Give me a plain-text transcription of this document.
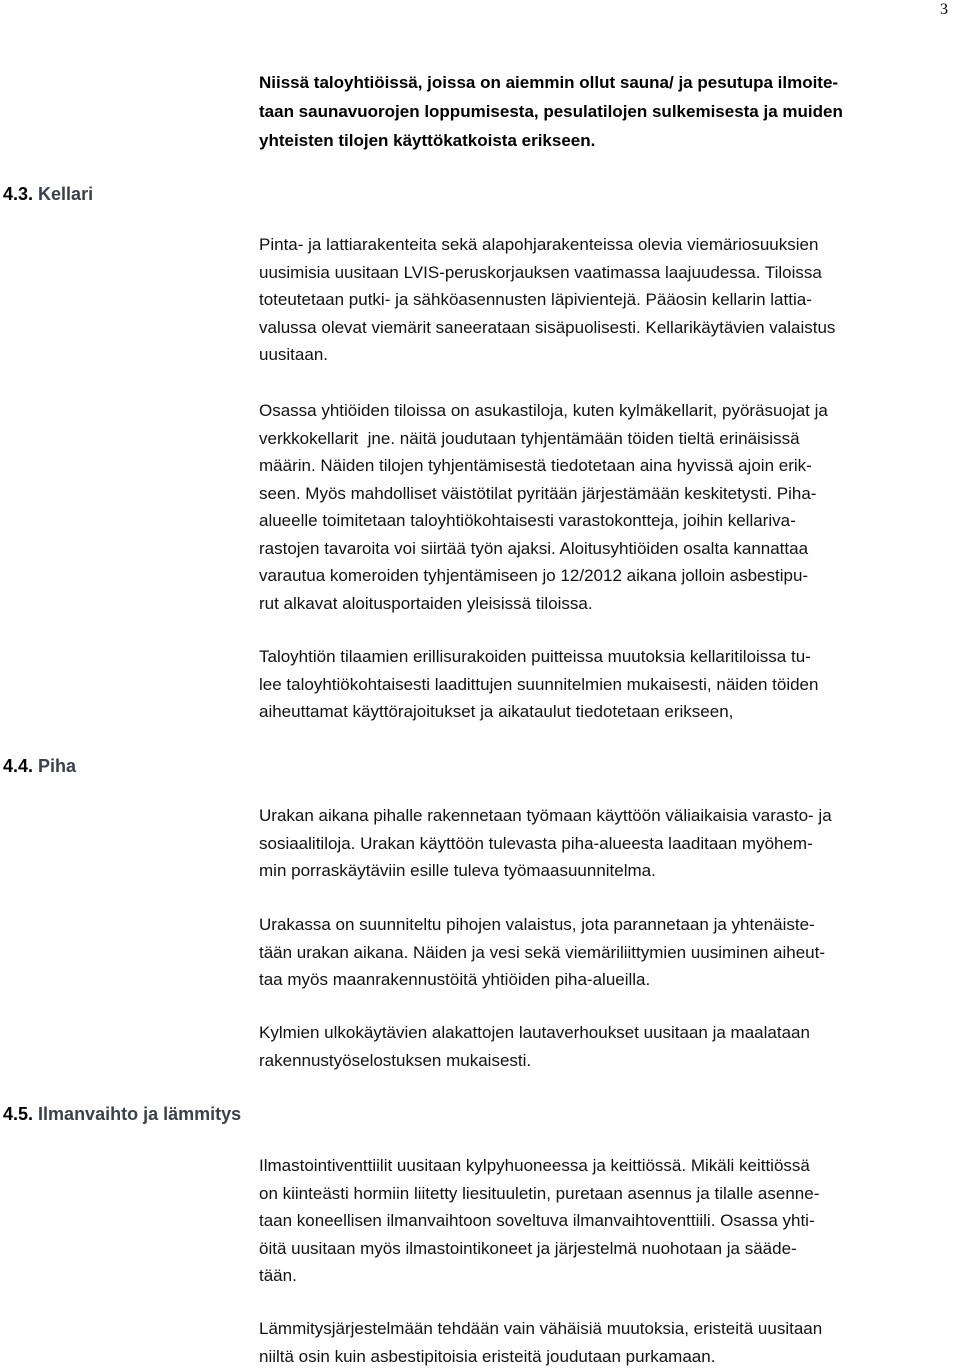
3
Niissä taloyhtiöissä, joissa on aiemmin ollut sauna/ ja pesutupa ilmoite-
taan saunavuorojen loppumisesta, pesulatilojen sulkemisesta ja muiden
yhteisten tilojen käyttökatkoista erikseen.
4.3. Kellari
Pinta- ja lattiarakenteita sekä alapohjarakenteissa olevia viemäriosuuksien
uusimisia uusitaan LVIS-peruskorjauksen vaatimassa laajuudessa. Tiloissa
toteutetaan putki- ja sähköasennusten läpivientejä. Pääosin kellarin lattia-
valussa olevat viemärit saneerataan sisäpuolisesti. Kellarikäytävien valaistus
uusitaan.
Osassa yhtiöiden tiloissa on asukastiloja, kuten kylmäkellarit, pyöräsuojat ja
verkkokellarit  jne. näitä joudutaan tyhjentämään töiden tieltä erinäisissä
määrin. Näiden tilojen tyhjentämisestä tiedotetaan aina hyvissä ajoin erik-
seen. Myös mahdolliset väistötilat pyritään järjestämään keskitetysti. Piha-
alueelle toimitetaan taloyhtiökohtaisesti varastokontteja, joihin kellariva-
rastojen tavaroita voi siirtää työn ajaksi. Aloitusyhtiöiden osalta kannattaa
varautua komeroiden tyhjentämiseen jo 12/2012 aikana jolloin asbestipu-
rut alkavat aloitusportaiden yleisissä tiloissa.
Taloyhtiön tilaamien erillisurakoiden puitteissa muutoksia kellaritiloissa tu-
lee taloyhtiökohtaisesti laadittujen suunnitelmien mukaisesti, näiden töiden
aiheuttamat käyttörajoitukset ja aikataulut tiedotetaan erikseen,
4.4. Piha
Urakan aikana pihalle rakennetaan työmaan käyttöön väliaikaisia varasto- ja
sosiaalitiloja. Urakan käyttöön tulevasta piha-alueesta laaditaan myöhem-
min porraskäytäviin esille tuleva työmaasuunnitelma.
Urakassa on suunniteltu pihojen valaistus, jota parannetaan ja yhtenäiste-
tään urakan aikana. Näiden ja vesi sekä viemäriliittymien uusiminen aiheut-
taa myös maanrakennustöitä yhtiöiden piha-alueilla.
Kylmien ulkokäytävien alakattojen lautaverhoukset uusitaan ja maalataan
rakennustyöselostuksen mukaisesti.
4.5. Ilmanvaihto ja lämmitys
Ilmastointiventtiilit uusitaan kylpyhuoneessa ja keittiössä. Mikäli keittiössä
on kiinteästi hormiin liitetty liesituuletin, puretaan asennus ja tilalle asenne-
taan koneellisen ilmanvaihtoon soveltuva ilmanvaihtoventtiili. Osassa yhti-
öitä uusitaan myös ilmastointikoneet ja järjestelmä nuohotaan ja sääde-
tään.
Lämmitysjärjestelmään tehdään vain vähäisiä muutoksia, eristeitä uusitaan
niiltä osin kuin asbestipitoisia eristeitä joudutaan purkamaan.
